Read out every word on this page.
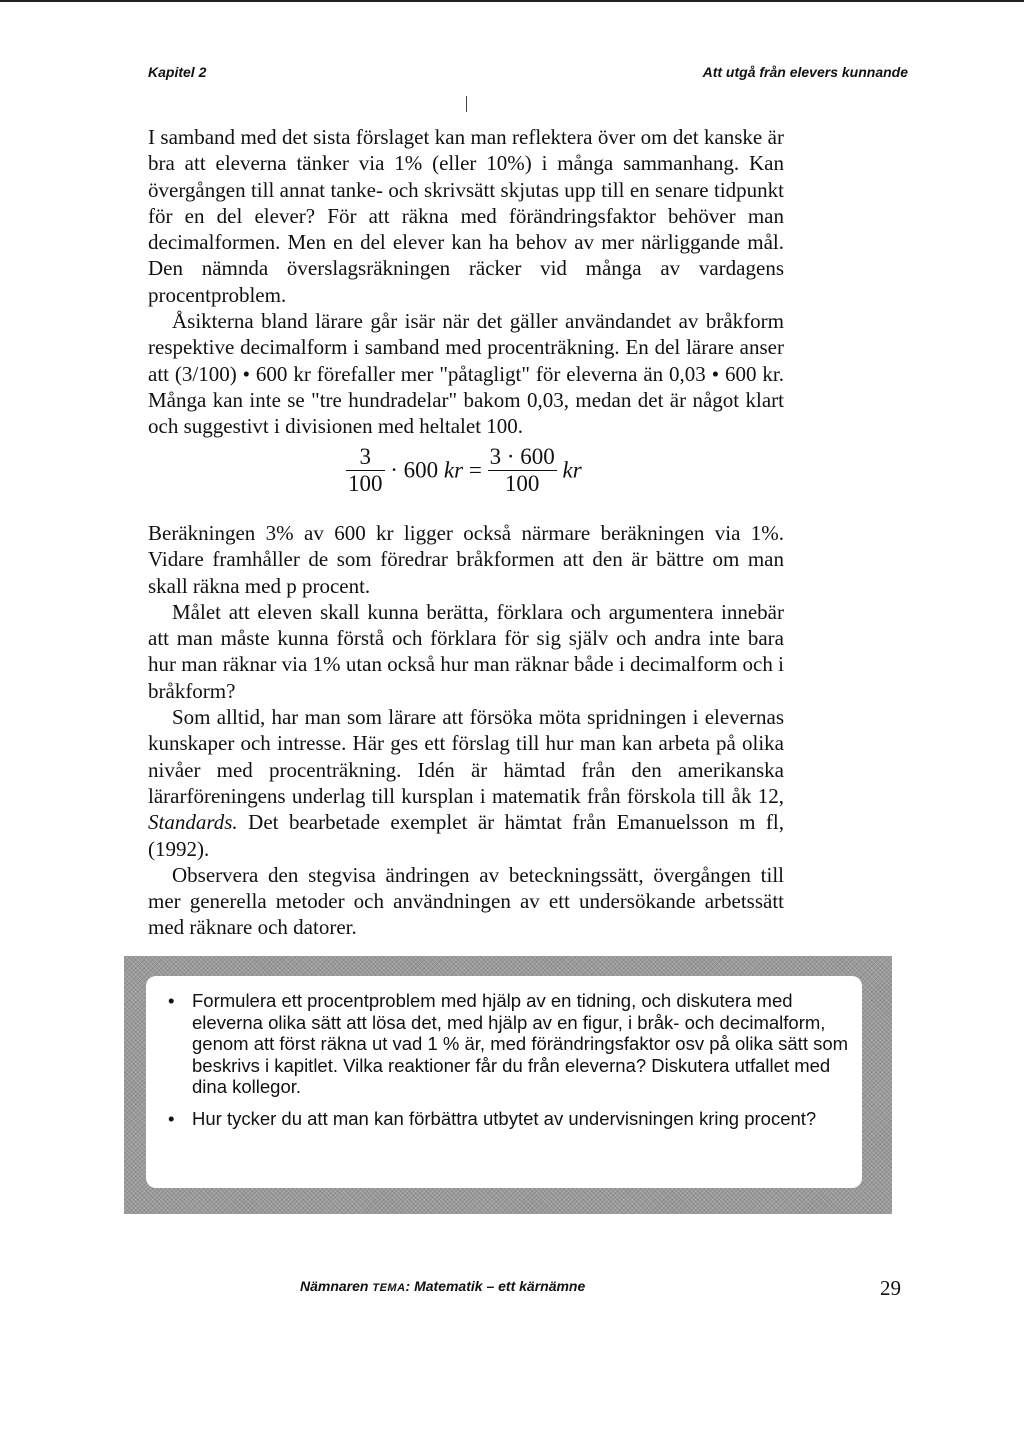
Kapitel 2	Att utgå från elevers kunnande

I samband med det sista förslaget kan man reflektera över om det kanske är bra att eleverna tänker via 1% (eller 10%) i många sammanhang. Kan övergången till annat tanke- och skrivsätt skjutas upp till en senare tidpunkt för en del elever? För att räkna med förändringsfaktor behöver man decimalformen. Men en del elever kan ha behov av mer närliggande mål. Den nämnda överslagsräkningen räcker vid många av vardagens procentproblem.

Åsikterna bland lärare går isär när det gäller användandet av bråkform respektive decimalform i samband med procenträkning. En del lärare anser att (3/100) • 600 kr förefaller mer "påtagligt" för eleverna än 0,03 • 600 kr. Många kan inte se "tre hundradelar" bakom 0,03, medan det är något klart och suggestivt i divisionen med heltalet 100.

$\frac{3}{100} \cdot 600$ kr = $\frac{3 \cdot 600}{100}$ kr

Beräkningen 3% av 600 kr ligger också närmare beräkningen via 1%. Vidare framhåller de som föredrar bråkformen att den är bättre om man skall räkna med p procent.

Målet att eleven skall kunna berätta, förklara och argumentera innebär att man måste kunna förstå och förklara för sig själv och andra inte bara hur man räknar via 1% utan också hur man räknar både i decimalform och i bråkform?

Som alltid, har man som lärare att försöka möta spridningen i elevernas kunskaper och intresse. Här ges ett förslag till hur man kan arbeta på olika nivåer med procenträkning. Idén är hämtad från den amerikanska lärarföreningens underlag till kursplan i matematik från förskola till åk 12, Standards. Det bearbetade exemplet är hämtat från Emanuelsson m fl, (1992).

Observera den stegvisa ändringen av beteckningssätt, övergången till mer generella metoder och användningen av ett undersökande arbetssätt med räknare och datorer.

• Formulera ett procentproblem med hjälp av en tidning, och diskutera med eleverna olika sätt att lösa det, med hjälp av en figur, i bråk- och decimalform, genom att först räkna ut vad 1 % är, med förändringsfaktor osv på olika sätt som beskrivs i kapitlet. Vilka reaktioner får du från eleverna? Diskutera utfallet med dina kollegor.
• Hur tycker du att man kan förbättra utbytet av undervisningen kring procent?
Nämnaren TEMA: Matematik – ett kärnämne	29
